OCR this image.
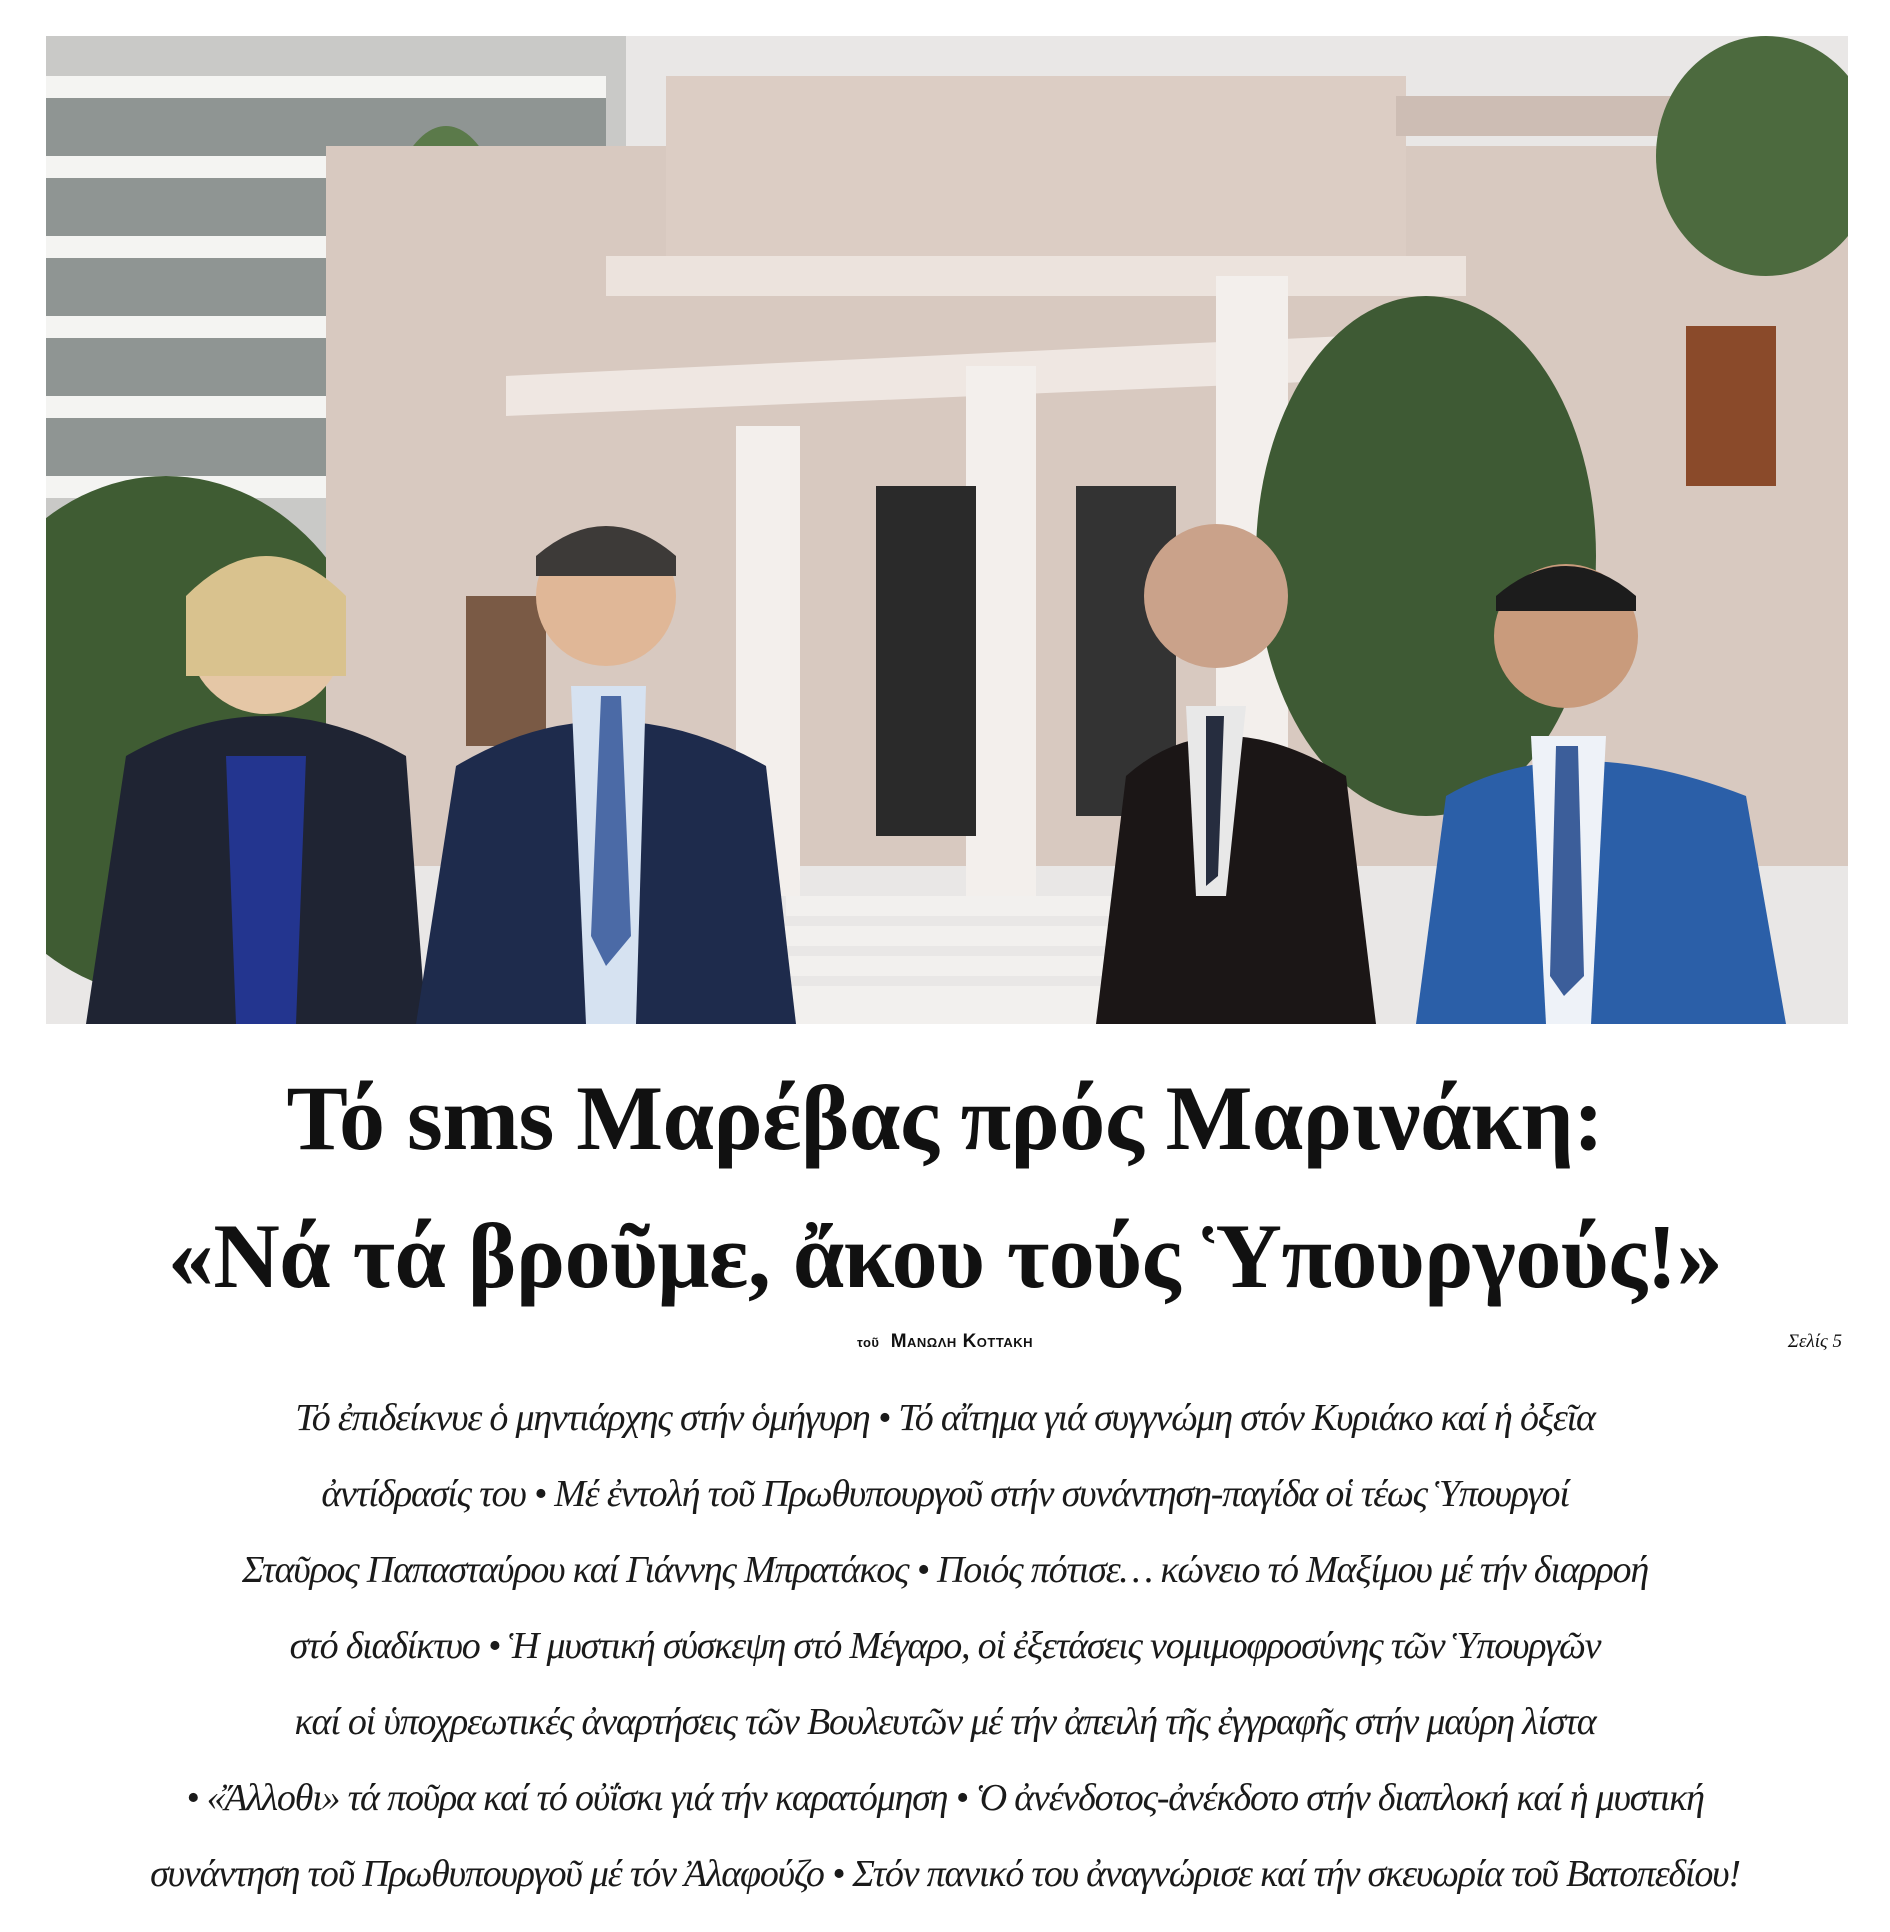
Τό sms Μαρέβας πρός Μαρινάκη:
«Νά τά βροῦμε, ἄκου τούς Ὑπουργούς!»
τοῦ Μανωλη Κοττακη	Σελίς 5
Τό ἐπιδείκνυε ὁ μηντιάρχης στήν ὁμήγυρη • Τό αἴτημα γιά συγγνώμη στόν Κυριάκο καί ἡ ὀξεῖα
ἀντίδρασίς του • Μέ ἐντολή τοῦ Πρωθυπουργοῦ στήν συνάντηση-παγίδα οἱ τέως Ὑπουργοί
Σταῦρος Παπασταύρου καί Γιάννης Μπρατάκος • Ποιός πότισε… κώνειο τό Μαξίμου μέ τήν διαρροή
στό διαδίκτυο • Ἡ μυστική σύσκεψη στό Μέγαρο, οἱ ἐξετάσεις νομιμοφροσύνης τῶν Ὑπουργῶν
καί οἱ ὑποχρεωτικές ἀναρτήσεις τῶν Βουλευτῶν μέ τήν ἀπειλή τῆς ἐγγραφῆς στήν μαύρη λίστα
• «Ἄλλοθι» τά ποῦρα καί τό οὐΐσκι γιά τήν καρατόμηση • Ὁ ἀνένδοτος-ἀνέκδοτο στήν διαπλοκή καί ἡ μυστική
συνάντηση τοῦ Πρωθυπουργοῦ μέ τόν Ἀλαφούζο • Στόν πανικό του ἀναγνώρισε καί τήν σκευωρία τοῦ Βατοπεδίου!
